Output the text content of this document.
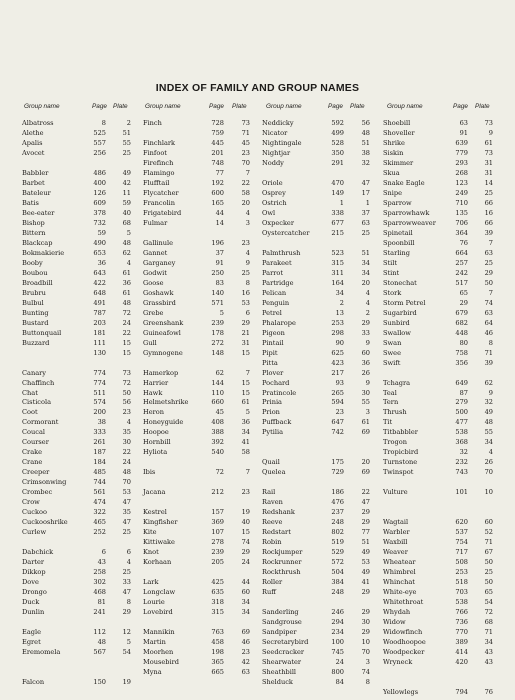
INDEX OF FAMILY AND GROUP NAMES
Group name	Page Plate
Albatross	8	2
Alethe	525	51
Apalis	557	55
Avocet	256	25
Babbler	486	49
Barbet	400	42
Bateleur	126	11
Batis	609	59
Bee-eater	378	40
Bishop	732	68
Bittern	59	5
Blackcap	490	48
Bokmakierie	653	62
Booby	36	4
Boubou	643	61
Broadbill	422	36
Brubru	648	61
Bulbul	491	48
Bunting	787	72
Bustard	203	24
Buttonquail	181	22
Buzzard	111	15
130	15
Canary	774	73
Chaffinch	774	72
Chat	511	50
Cisticola	574	56
Coot	200	23
Cormorant	38	4
Coucal	333	35
Courser	261	30
Crake	187	22
Crane	184	24
Creeper	485	48
Crimsonwing	744	70
Crombec	561	53
Crow	474	47
Cuckoo	322	35
Cuckooshrike	465	47
Curlew	252	25
Dabchick	6	6
Darter	43	4
Dikkop	258	25
Dove	302	33
Drongo	468	47
Duck	81	8
Dunlin	241	29
Eagle	112	12
Egret	48	5
Eremomela	567	54
Falcon	150	19
Group name	Page Plate
Finch	728	73
759	71
Finchlark	445	45
Finfoot	201	23
Firefinch	748	70
Flamingo	77	7
Flufftail	192	22
Flycatcher	600	58
Francolin	165	20
Frigatebird	44	4
Fulmar	14	3
Gallinule	196	23
Gannet	37	4
Garganey	91	9
Godwit	250	25
Goose	83	8
Goshawk	140	16
Grassbird	571	53
Grebe	5	6
Greenshank	239	29
Guineafowl	178	21
Gull	272	31
Gymnogene	148	15
Hamerkop	62	7
Harrier	144	15
Hawk	110	15
Helmetshrike	660	61
Heron	45	5
Honeyguide	408	36
Hoopoe	388	34
Hornbill	392	41
Hyliota	540	58
Ibis	72	7
Jacana	212	23
Kestrel	157	19
Kingfisher	369	40
Kite	107	15
Kittiwake	278	74
Knot	239	29
Korhaan	205	24
Lark	425	44
Longclaw	635	60
Lourie	318	34
Lovebird	315	34
Mannikin	763	69
Martin	458	46
Moorhen	198	23
Mousebird	365	42
Myna	665	63
Group name	Page Plate
Neddicky	592	56
Nicator	499	48
Nightingale	528	51
Nightjar	350	38
Noddy	291	32
Oriole	470	47
Osprey	149	17
Ostrich	1	1
Owl	338	37
Oxpecker	677	63
Oystercatcher	215	25
Palmthrush	523	51
Parakeet	315	34
Parrot	311	34
Partridge	164	20
Pelican	34	4
Penguin	2	4
Petrel	13	2
Phalarope	253	29
Pigeon	298	33
Pintail	90	9
Pipit	625	60
Pitta	423	36
Plover	217	26
Pochard	93	9
Pratincole	265	30
Prinia	594	55
Prion	23	3
Puffback	647	61
Pytilia	742	69
Quail	175	20
Quelea	729	69
Rail	186	22
Raven	476	47
Redshank	237	29
Reeve	248	29
Redstart	802	77
Robin	519	51
Rockjumper	529	49
Rockrunner	572	53
Rockthrush	504	49
Roller	384	41
Ruff	248	29
Sanderling	246	29
Sandgrouse	294	30
Sandpiper	234	29
Secretarybird	100	10
Seedcracker	745	70
Shearwater	24	3
Sheathbill	800	74
Shelduck	84	8
Group name	Page Plate
Shoebill	63	73
Shoveller	91	9
Shrike	639	61
Siskin	779	73
Skimmer	293	31
Skua	268	31
Snake Eagle	123	14
Snipe	249	25
Sparrow	710	66
Sparrowhawk	135	16
Sparrowweaver	706	66
Spinetail	364	39
Spoonbill	76	7
Starling	664	63
Stilt	257	25
Stint	242	29
Stonechat	517	50
Stork	65	7
Storm Petrel	29	74
Sugarbird	679	63
Sunbird	682	64
Swallow	448	46
Swan	80	8
Swee	758	71
Swift	356	39
Tchagra	649	62
Teal	87	9
Tern	279	32
Thrush	500	49
Tit	477	48
Titbabbler	538	55
Trogon	368	34
Tropicbird	32	4
Turnstone	232	26
Twinspot	743	70
Vulture	101	10
Wagtail	620	60
Warbler	537	52
Waxbill	754	71
Weaver	717	67
Wheatear	508	50
Whimbrel	253	25
Whinchat	518	50
White-eye	703	65
Whitethroat	538	54
Whydah	766	72
Widow	736	68
Widowfinch	770	71
Woodhoopoe	389	34
Woodpecker	414	43
Wryneck	420	43
Yellowlegs	794	76
